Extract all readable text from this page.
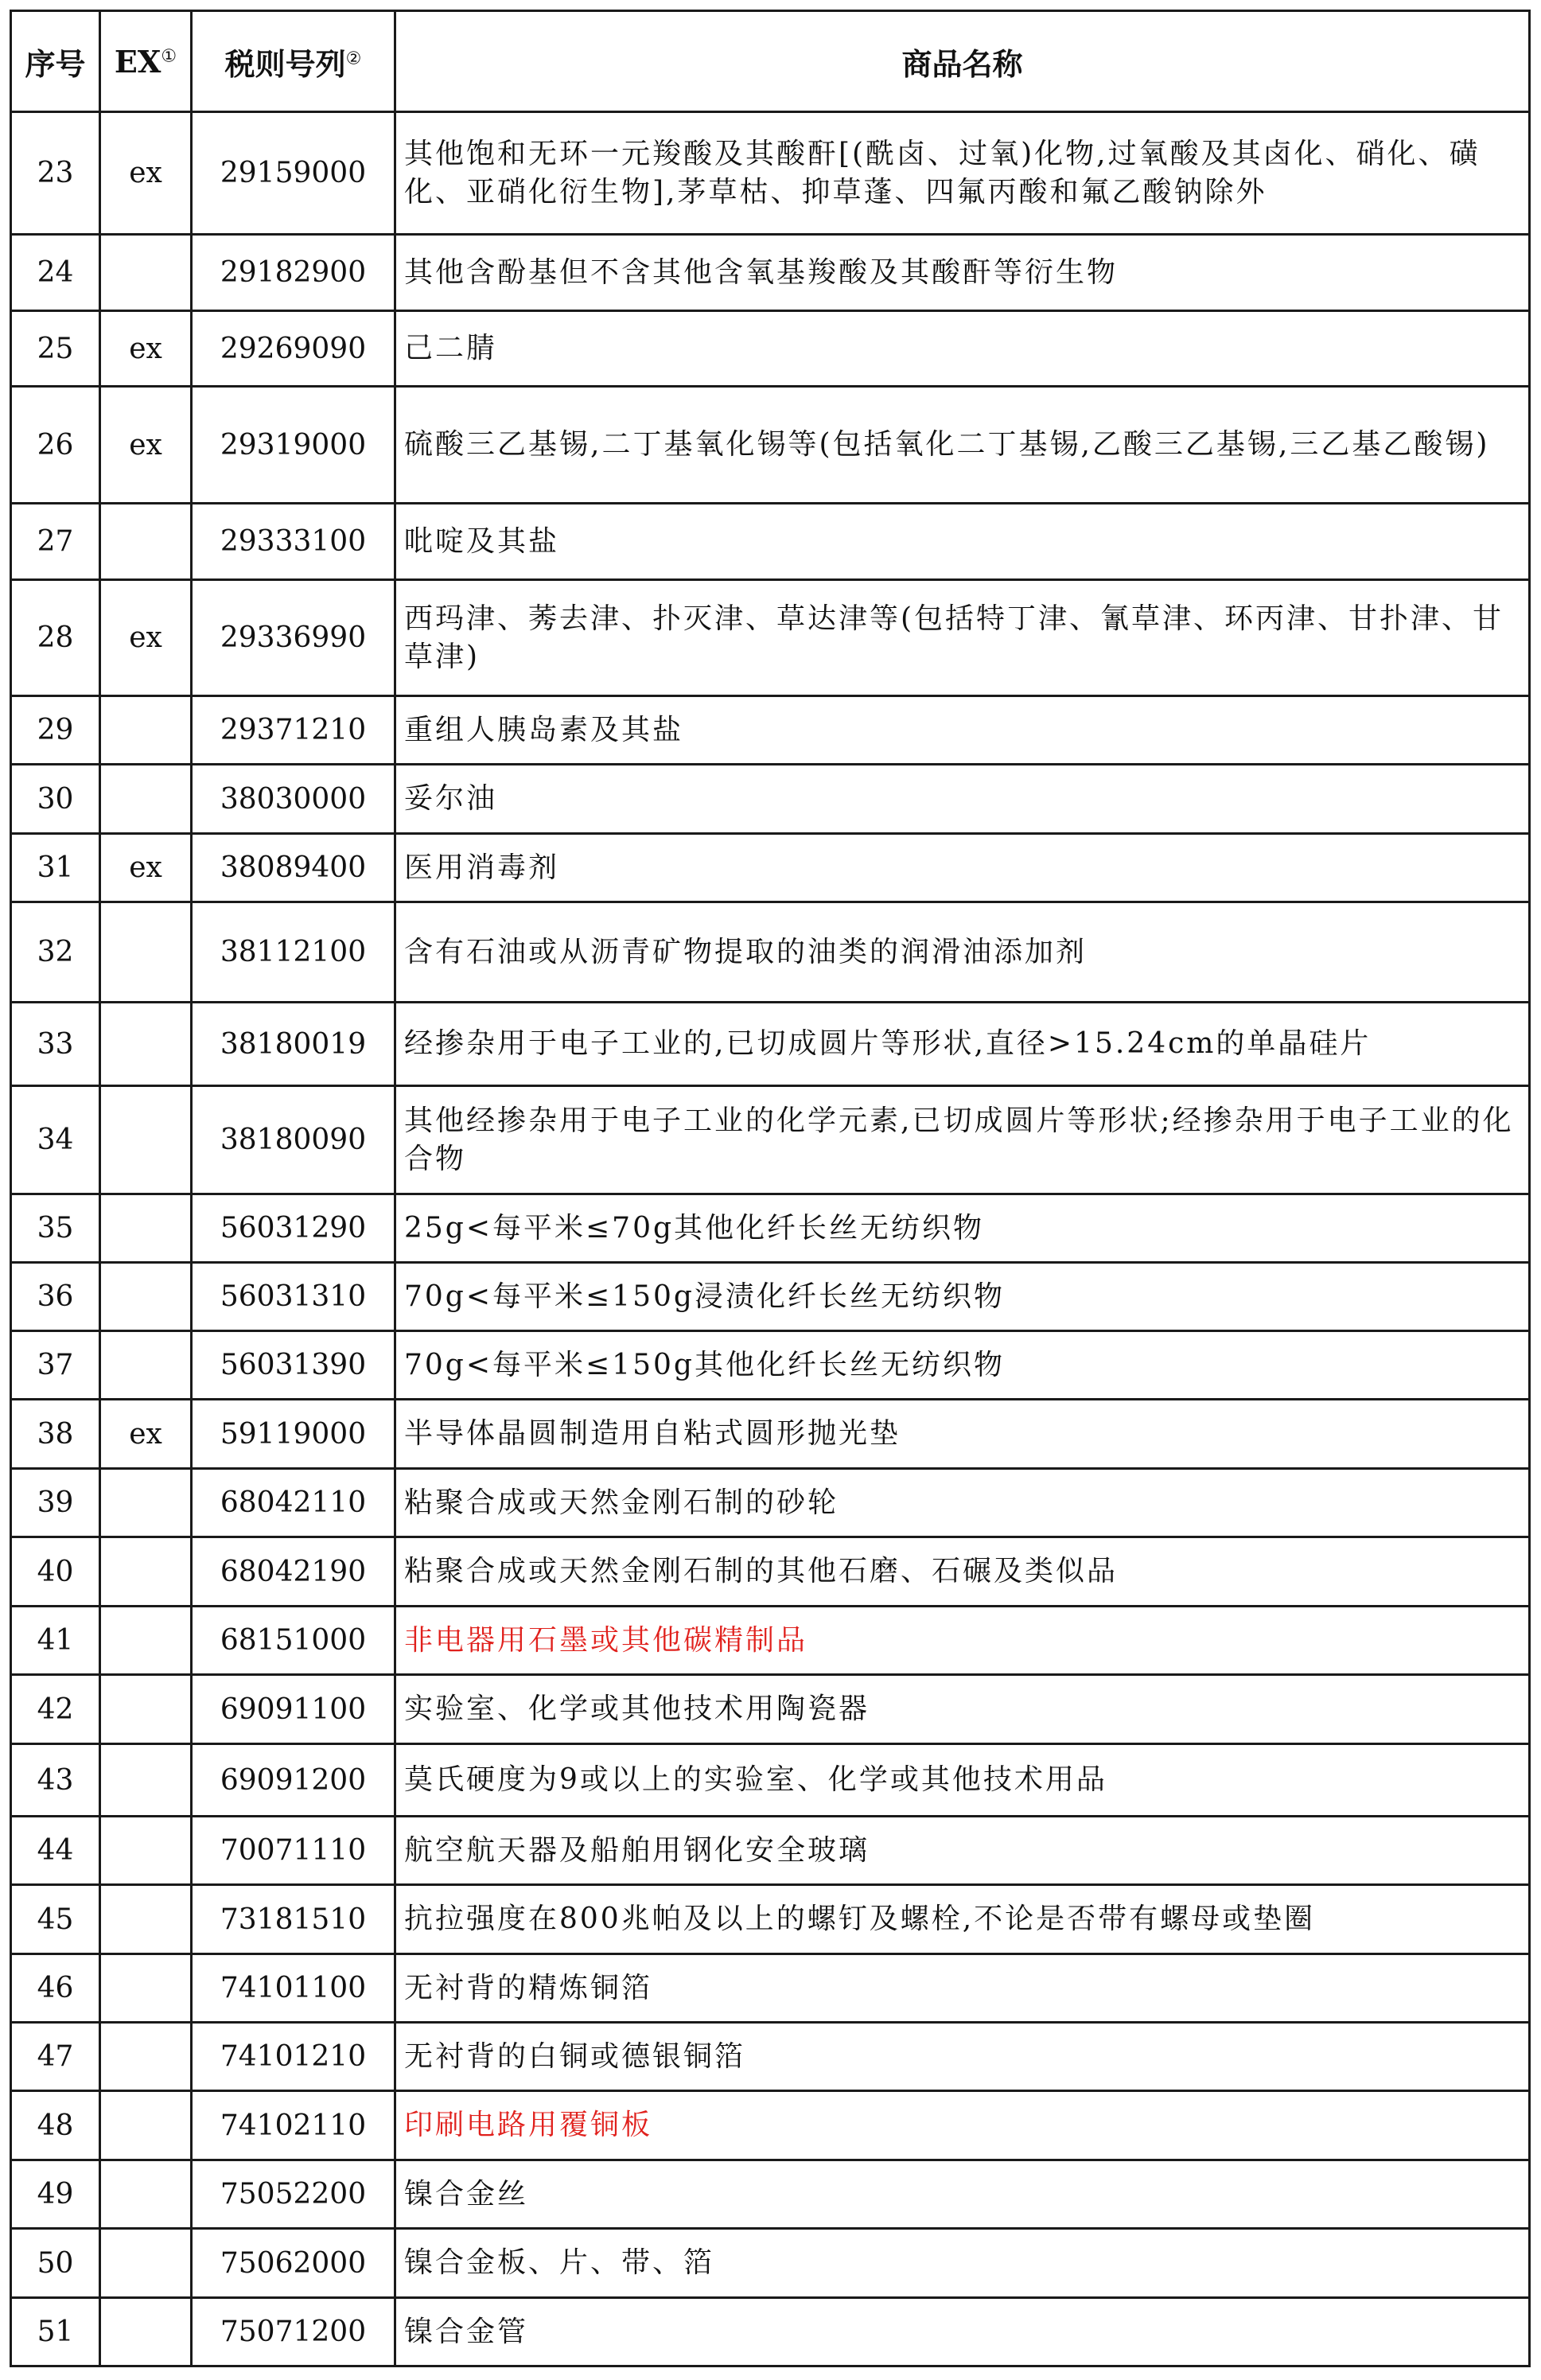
序号	EX①	税则号列②	商品名称
23	ex	29159000	其他饱和无环一元羧酸及其酸酐[(酰卤、过氧)化物,过氧酸及其卤化、硝化、磺化、亚硝化衍生物],茅草枯、抑草蓬、四氟丙酸和氟乙酸钠除外
24		29182900	其他含酚基但不含其他含氧基羧酸及其酸酐等衍生物
25	ex	29269090	己二腈
26	ex	29319000	硫酸三乙基锡,二丁基氧化锡等(包括氧化二丁基锡,乙酸三乙基锡,三乙基乙酸锡)
27		29333100	吡啶及其盐
28	ex	29336990	西玛津、莠去津、扑灭津、草达津等(包括特丁津、氰草津、环丙津、甘扑津、甘草津)
29		29371210	重组人胰岛素及其盐
30		38030000	妥尔油
31	ex	38089400	医用消毒剂
32		38112100	含有石油或从沥青矿物提取的油类的润滑油添加剂
33		38180019	经掺杂用于电子工业的,已切成圆片等形状,直径>15.24cm的单晶硅片
34		38180090	其他经掺杂用于电子工业的化学元素,已切成圆片等形状;经掺杂用于电子工业的化合物
35		56031290	25g<每平米≤70g其他化纤长丝无纺织物
36		56031310	70g<每平米≤150g浸渍化纤长丝无纺织物
37		56031390	70g<每平米≤150g其他化纤长丝无纺织物
38	ex	59119000	半导体晶圆制造用自粘式圆形抛光垫
39		68042110	粘聚合成或天然金刚石制的砂轮
40		68042190	粘聚合成或天然金刚石制的其他石磨、石碾及类似品
41		68151000	非电器用石墨或其他碳精制品
42		69091100	实验室、化学或其他技术用陶瓷器
43		69091200	莫氏硬度为9或以上的实验室、化学或其他技术用品
44		70071110	航空航天器及船舶用钢化安全玻璃
45		73181510	抗拉强度在800兆帕及以上的螺钉及螺栓,不论是否带有螺母或垫圈
46		74101100	无衬背的精炼铜箔
47		74101210	无衬背的白铜或德银铜箔
48		74102110	印刷电路用覆铜板
49		75052200	镍合金丝
50		75062000	镍合金板、片、带、箔
51		75071200	镍合金管
